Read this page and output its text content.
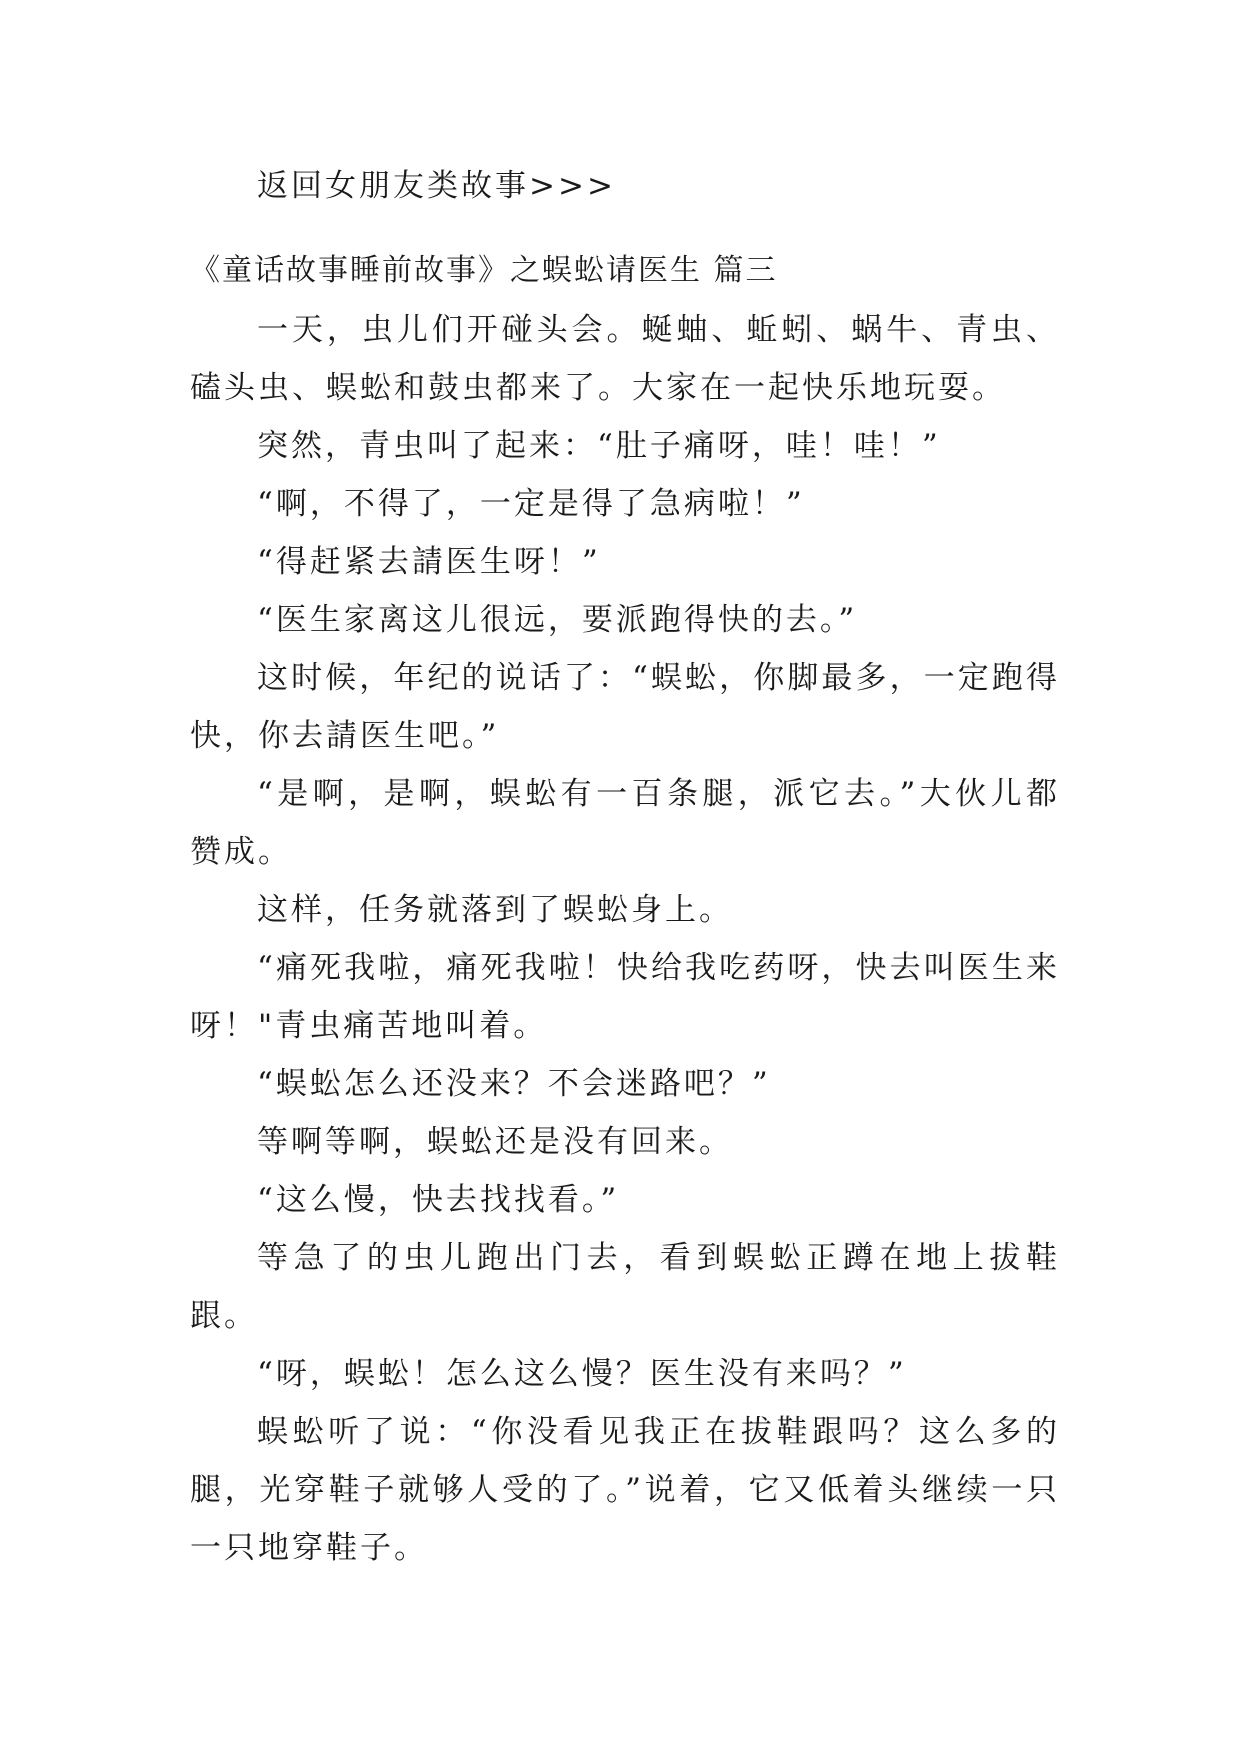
返回女朋友类故事>>>
《童话故事睡前故事》之蜈蚣请医生 篇三

一天，虫儿们开碰头会。蜒蚰、蚯蚓、蜗牛、青虫、磕头虫、蜈蚣和鼓虫都来了。大家在一起快乐地玩耍。

突然，青虫叫了起来：“肚子痛呀，哇！哇！”

“啊，不得了，一定是得了急病啦！”

“得赶紧去請医生呀！”

“医生家离这儿很远，要派跑得快的去。”

这时候，年纪的说话了：“蜈蚣，你脚最多，一定跑得快，你去請医生吧。”

“是啊，是啊，蜈蚣有一百条腿，派它去。”大伙儿都赞成。

这样，任务就落到了蜈蚣身上。

“痛死我啦，痛死我啦！快给我吃药呀，快去叫医生来呀！"青虫痛苦地叫着。

“蜈蚣怎么还没来？不会迷路吧？”

等啊等啊，蜈蚣还是没有回来。

“这么慢，快去找找看。”

等急了的虫儿跑出门去，看到蜈蚣正蹲在地上拔鞋跟。

“呀，蜈蚣！怎么这么慢？医生没有来吗？”

蜈蚣听了说：“你没看见我正在拔鞋跟吗？这么多的腿，光穿鞋子就够人受的了。”说着，它又低着头继续一只一只地穿鞋子。
